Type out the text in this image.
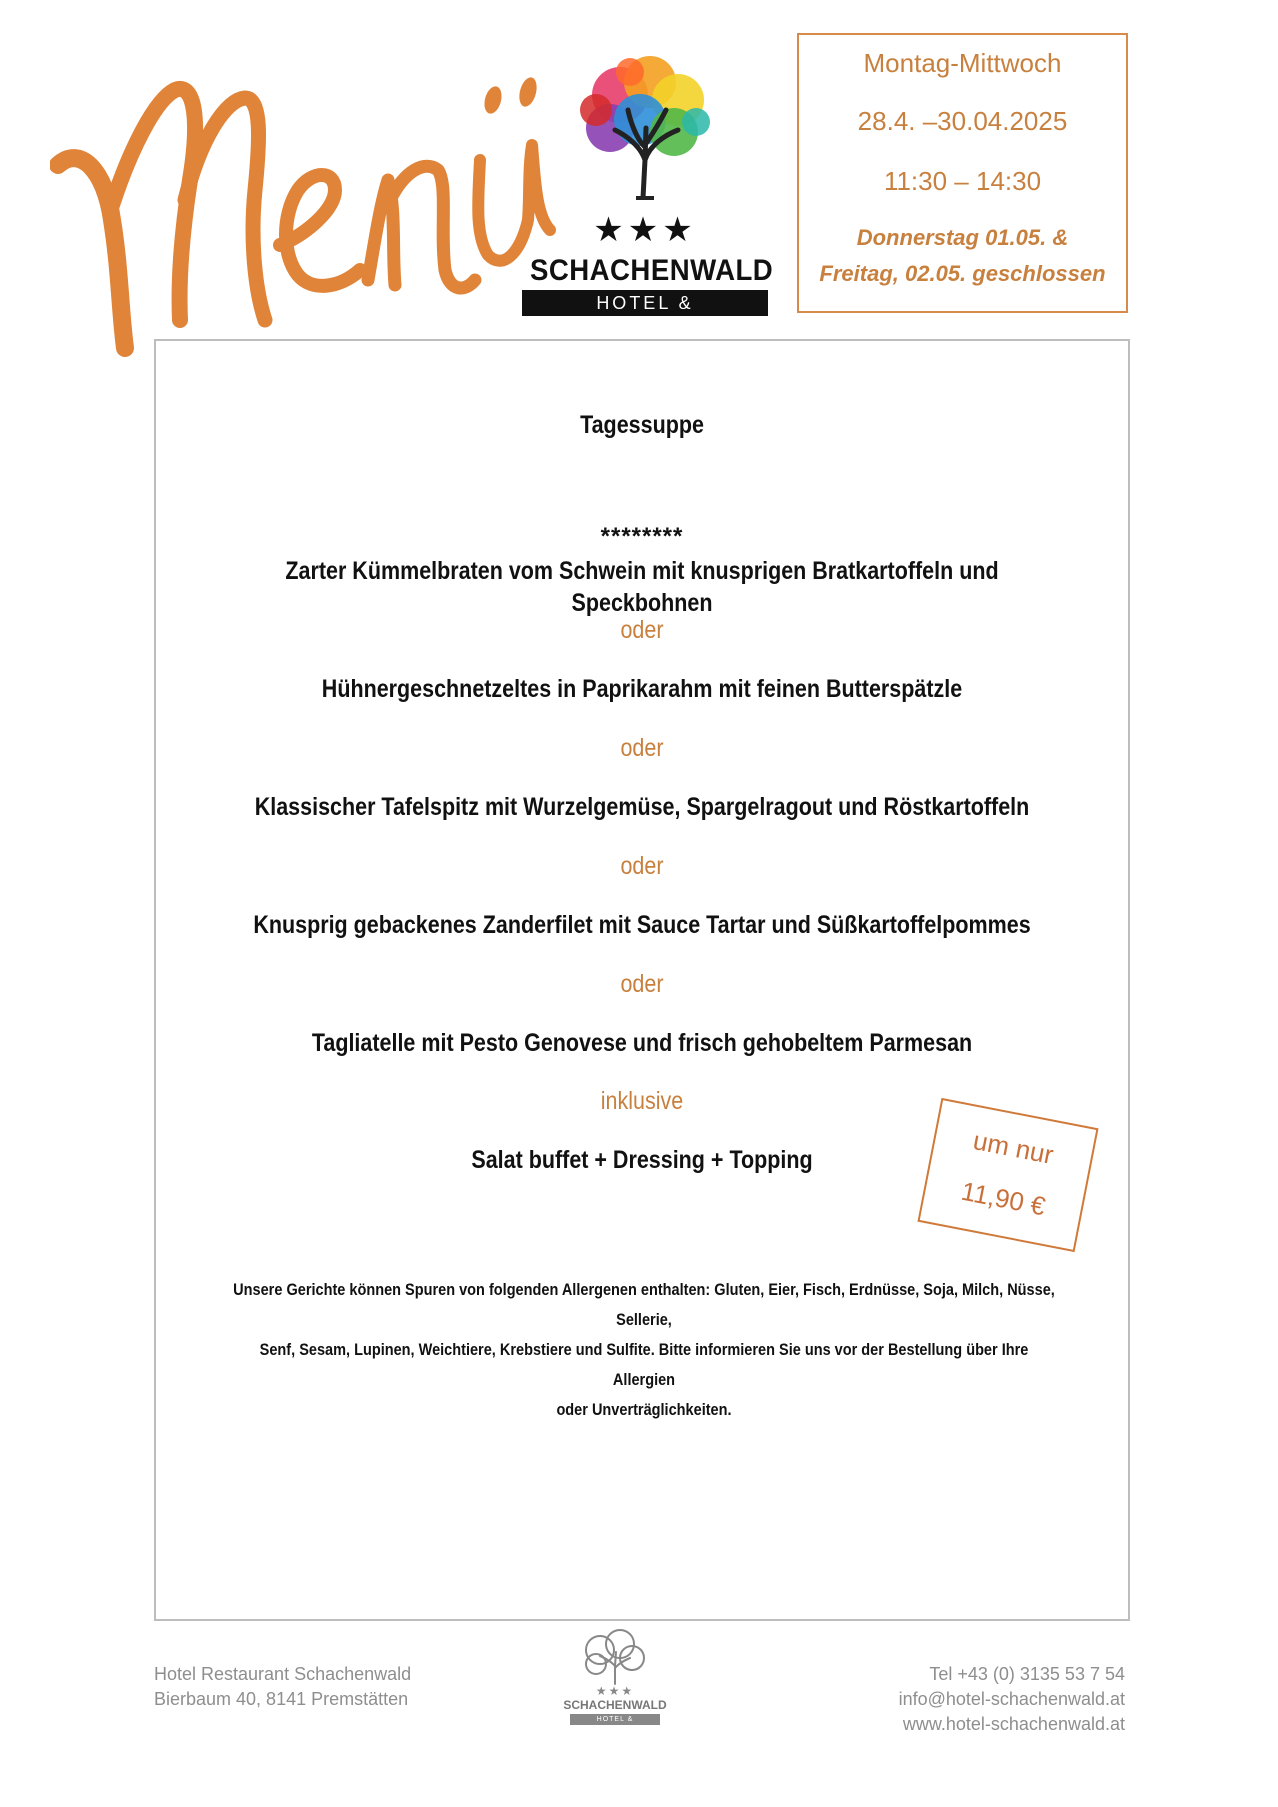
★★★
SCHACHENWALD
HOTEL & RESTAURANT
Montag-Mittwoch
28.4. –30.04.2025
11:30 – 14:30
Donnerstag 01.05. &
Freitag, 02.05. geschlossen
Tagessuppe
********
Zarter Kümmelbraten vom Schwein mit knusprigen Bratkartoffeln und Speckbohnen
oder
Hühnergeschnetzeltes in Paprikarahm mit feinen Butterspätzle
oder
Klassischer Tafelspitz mit Wurzelgemüse, Spargelragout und Röstkartoffeln
oder
Knusprig gebackenes Zanderfilet mit Sauce Tartar und Süßkartoffelpommes
oder
Tagliatelle mit Pesto Genovese und frisch gehobeltem Parmesan
inklusive
Salat buffet + Dressing + Topping
Unsere Gerichte können Spuren von folgenden Allergenen enthalten: Gluten, Eier, Fisch, Erdnüsse, Soja, Milch, Nüsse, Sellerie,
Senf, Sesam, Lupinen, Weichtiere, Krebstiere und Sulfite. Bitte informieren Sie uns vor der Bestellung über Ihre Allergien
oder Unverträglichkeiten.
um nur
11,90 €
Hotel Restaurant Schachenwald
Bierbaum 40, 8141 Premstätten	★★★
SCHACHENWALD
HOTEL & RESTAURANT
Tel +43 (0) 3135 53 7 54
info@hotel-schachenwald.at
www.hotel-schachenwald.at
